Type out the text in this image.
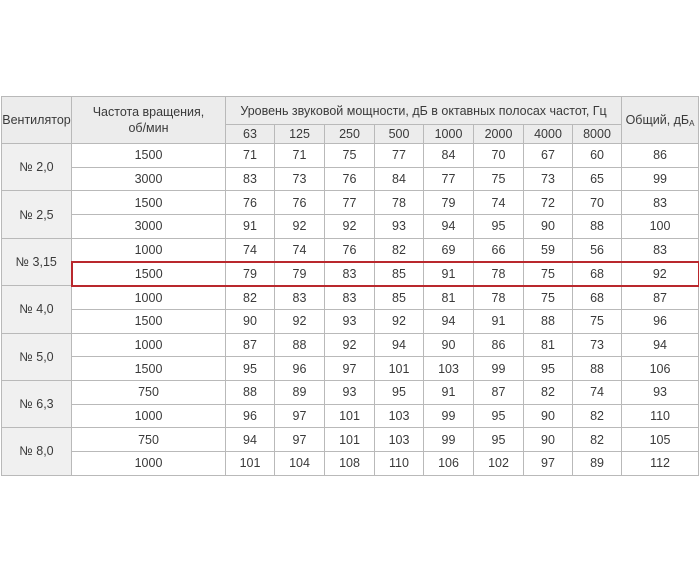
Вентилятор	Частота вращения, об/мин	Уровень звуковой мощности, дБ в октавных полосах частот, Гц								Общий, $дБ_A$
		63	125	250	500	1000	2000	4000	8000	
№ 2,0	1500	71	71	75	77	84	70	67	60	86
	3000	83	73	76	84	77	75	73	65	99
№ 2,5	1500	76	76	77	78	79	74	72	70	83
	3000	91	92	92	93	94	95	90	88	100
№ 3,15	1000	74	74	76	82	69	66	59	56	83
	1500	79	79	83	85	91	78	75	68	92
№ 4,0	1000	82	83	83	85	81	78	75	68	87
	1500	90	92	93	92	94	91	88	75	96
№ 5,0	1000	87	88	92	94	90	86	81	73	94
	1500	95	96	97	101	103	99	95	88	106
№ 6,3	750	88	89	93	95	91	87	82	74	93
	1000	96	97	101	103	99	95	90	82	110
№ 8,0	750	94	97	101	103	99	95	90	82	105
	1000	101	104	108	110	106	102	97	89	112
